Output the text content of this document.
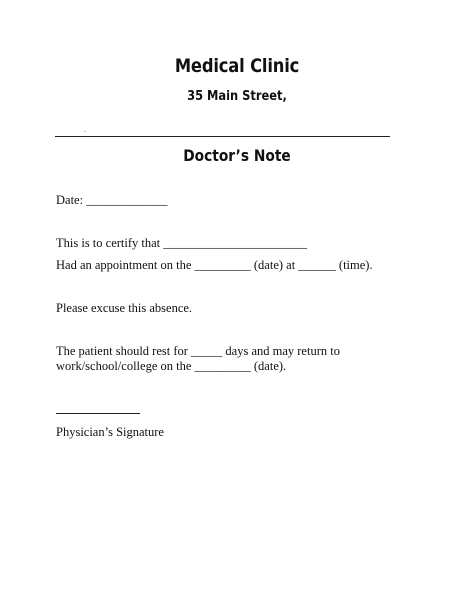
Medical Clinic
35 Main Street,
.
Doctor’s Note
Date: _____________
This is to certify that _______________________
Had an appointment on the _________ (date) at ______ (time).
Please excuse this absence.
The patient should rest for _____ days and may return to
work/school/college on the _________ (date).
Physician’s Signature
